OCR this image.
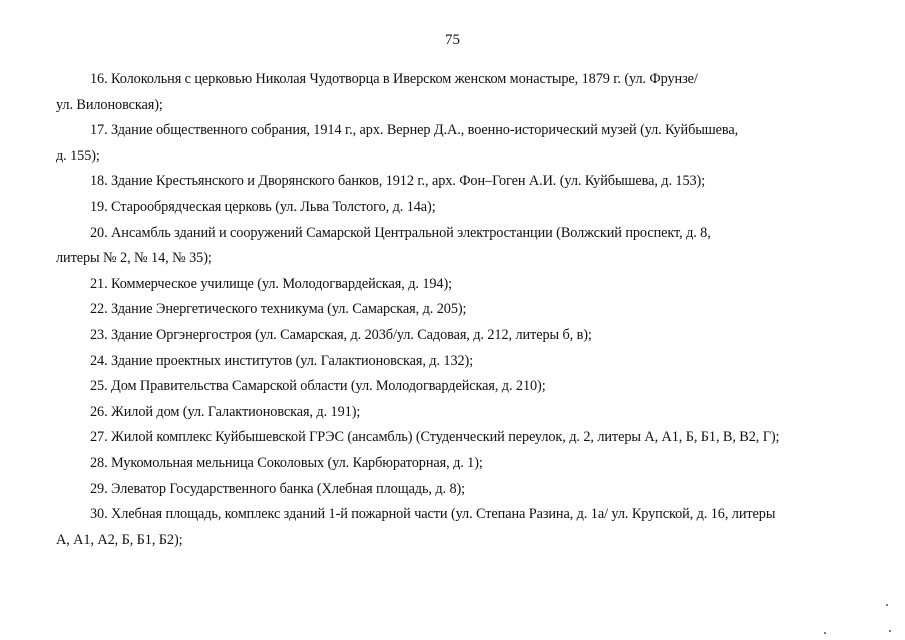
75

16. Колокольня с церковью Николая Чудотворца в Иверском женском монастыре, 1879 г. (ул. Фрунзе/
ул. Вилоновская);

17. Здание общественного собрания, 1914 г., арх. Вернер Д.А., военно-исторический музей (ул. Куйбышева,
д. 155);

18. Здание Крестьянского и Дворянского банков, 1912 г., арх. Фон–Гоген А.И. (ул. Куйбышева, д. 153);

19. Старообрядческая церковь (ул. Льва Толстого, д. 14а);

20. Ансамбль зданий и сооружений Самарской Центральной электростанции (Волжский проспект, д. 8,
литеры № 2, № 14, № 35);

21. Коммерческое училище (ул. Молодогвардейская, д. 194);

22. Здание Энергетического техникума (ул. Самарская, д. 205);

23. Здание Оргэнергостроя (ул. Самарская, д. 203б/ул. Садовая, д. 212, литеры б, в);

24. Здание проектных институтов (ул. Галактионовская, д. 132);

25. Дом Правительства Самарской области (ул. Молодогвардейская, д. 210);

26. Жилой дом (ул. Галактионовская, д. 191);

27. Жилой комплекс Куйбышевской ГРЭС (ансамбль) (Студенческий переулок, д. 2, литеры А, А1, Б, Б1, В, В2, Г);

28. Мукомольная мельница Соколовых (ул. Карбюраторная, д. 1);

29. Элеватор Государственного банка (Хлебная площадь, д. 8);

30. Хлебная площадь, комплекс зданий 1-й пожарной части (ул. Степана Разина, д. 1а/ ул. Крупской, д. 16, литеры
А, А1, А2, Б, Б1, Б2);
